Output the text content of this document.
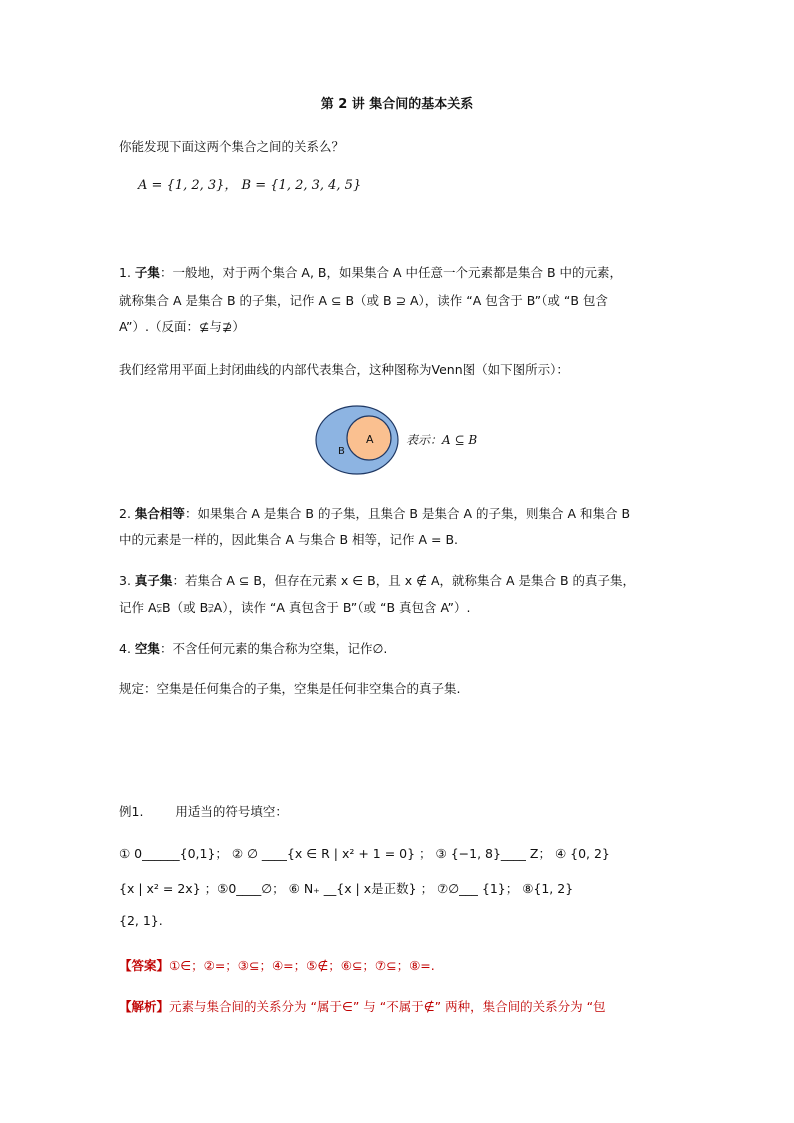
第 2 讲 集合间的基本关系
你能发现下面这两个集合之间的关系么？
A = {1, 2, 3}， B = {1, 2, 3, 4, 5}
1. 子集：一般地，对于两个集合 A, B，如果集合 A 中任意一个元素都是集合 B 中的元素，
就称集合 A 是集合 B 的子集，记作 A ⊆ B（或 B ⊇ A），读作 “A 包含于 B”（或 “B 包含
A”）.（反面：⊈与⊉）
我们经常用平面上封闭曲线的内部代表集合，这种图称为Venn图（如下图所示）：
A
B
表示：A ⊆ B
2. 集合相等：如果集合 A 是集合 B 的子集，且集合 B 是集合 A 的子集，则集合 A 和集合 B
中的元素是一样的，因此集合 A 与集合 B 相等，记作 A = B.
3. 真子集：若集合 A ⊆ B，但存在元素 x ∈ B，且 x ∉ A，就称集合 A 是集合 B 的真子集，
记作 A⫋B（或 B⫌A），读作 “A 真包含于 B”（或 “B 真包含 A”）.
4. 空集：不含任何元素的集合称为空集，记作∅.
规定：空集是任何集合的子集，空集是任何非空集合的真子集.
例1.	用适当的符号填空：
① 0______{0,1}； ② ∅ ____{x ∈ R | x² + 1 = 0} ； ③ {−1, 8}____ Z； ④ {0, 2}
{x | x² = 2x} ；⑤0____∅； ⑥ N₊ __{x | x是正数} ； ⑦∅___ {1}； ⑧{1, 2}
{2, 1}.
【答案】①∈；②=；③⊆；④=；⑤∉；⑥⊆；⑦⊆；⑧=.
【解析】元素与集合间的关系分为 “属于∈” 与 “不属于∉” 两种，集合间的关系分为 “包
